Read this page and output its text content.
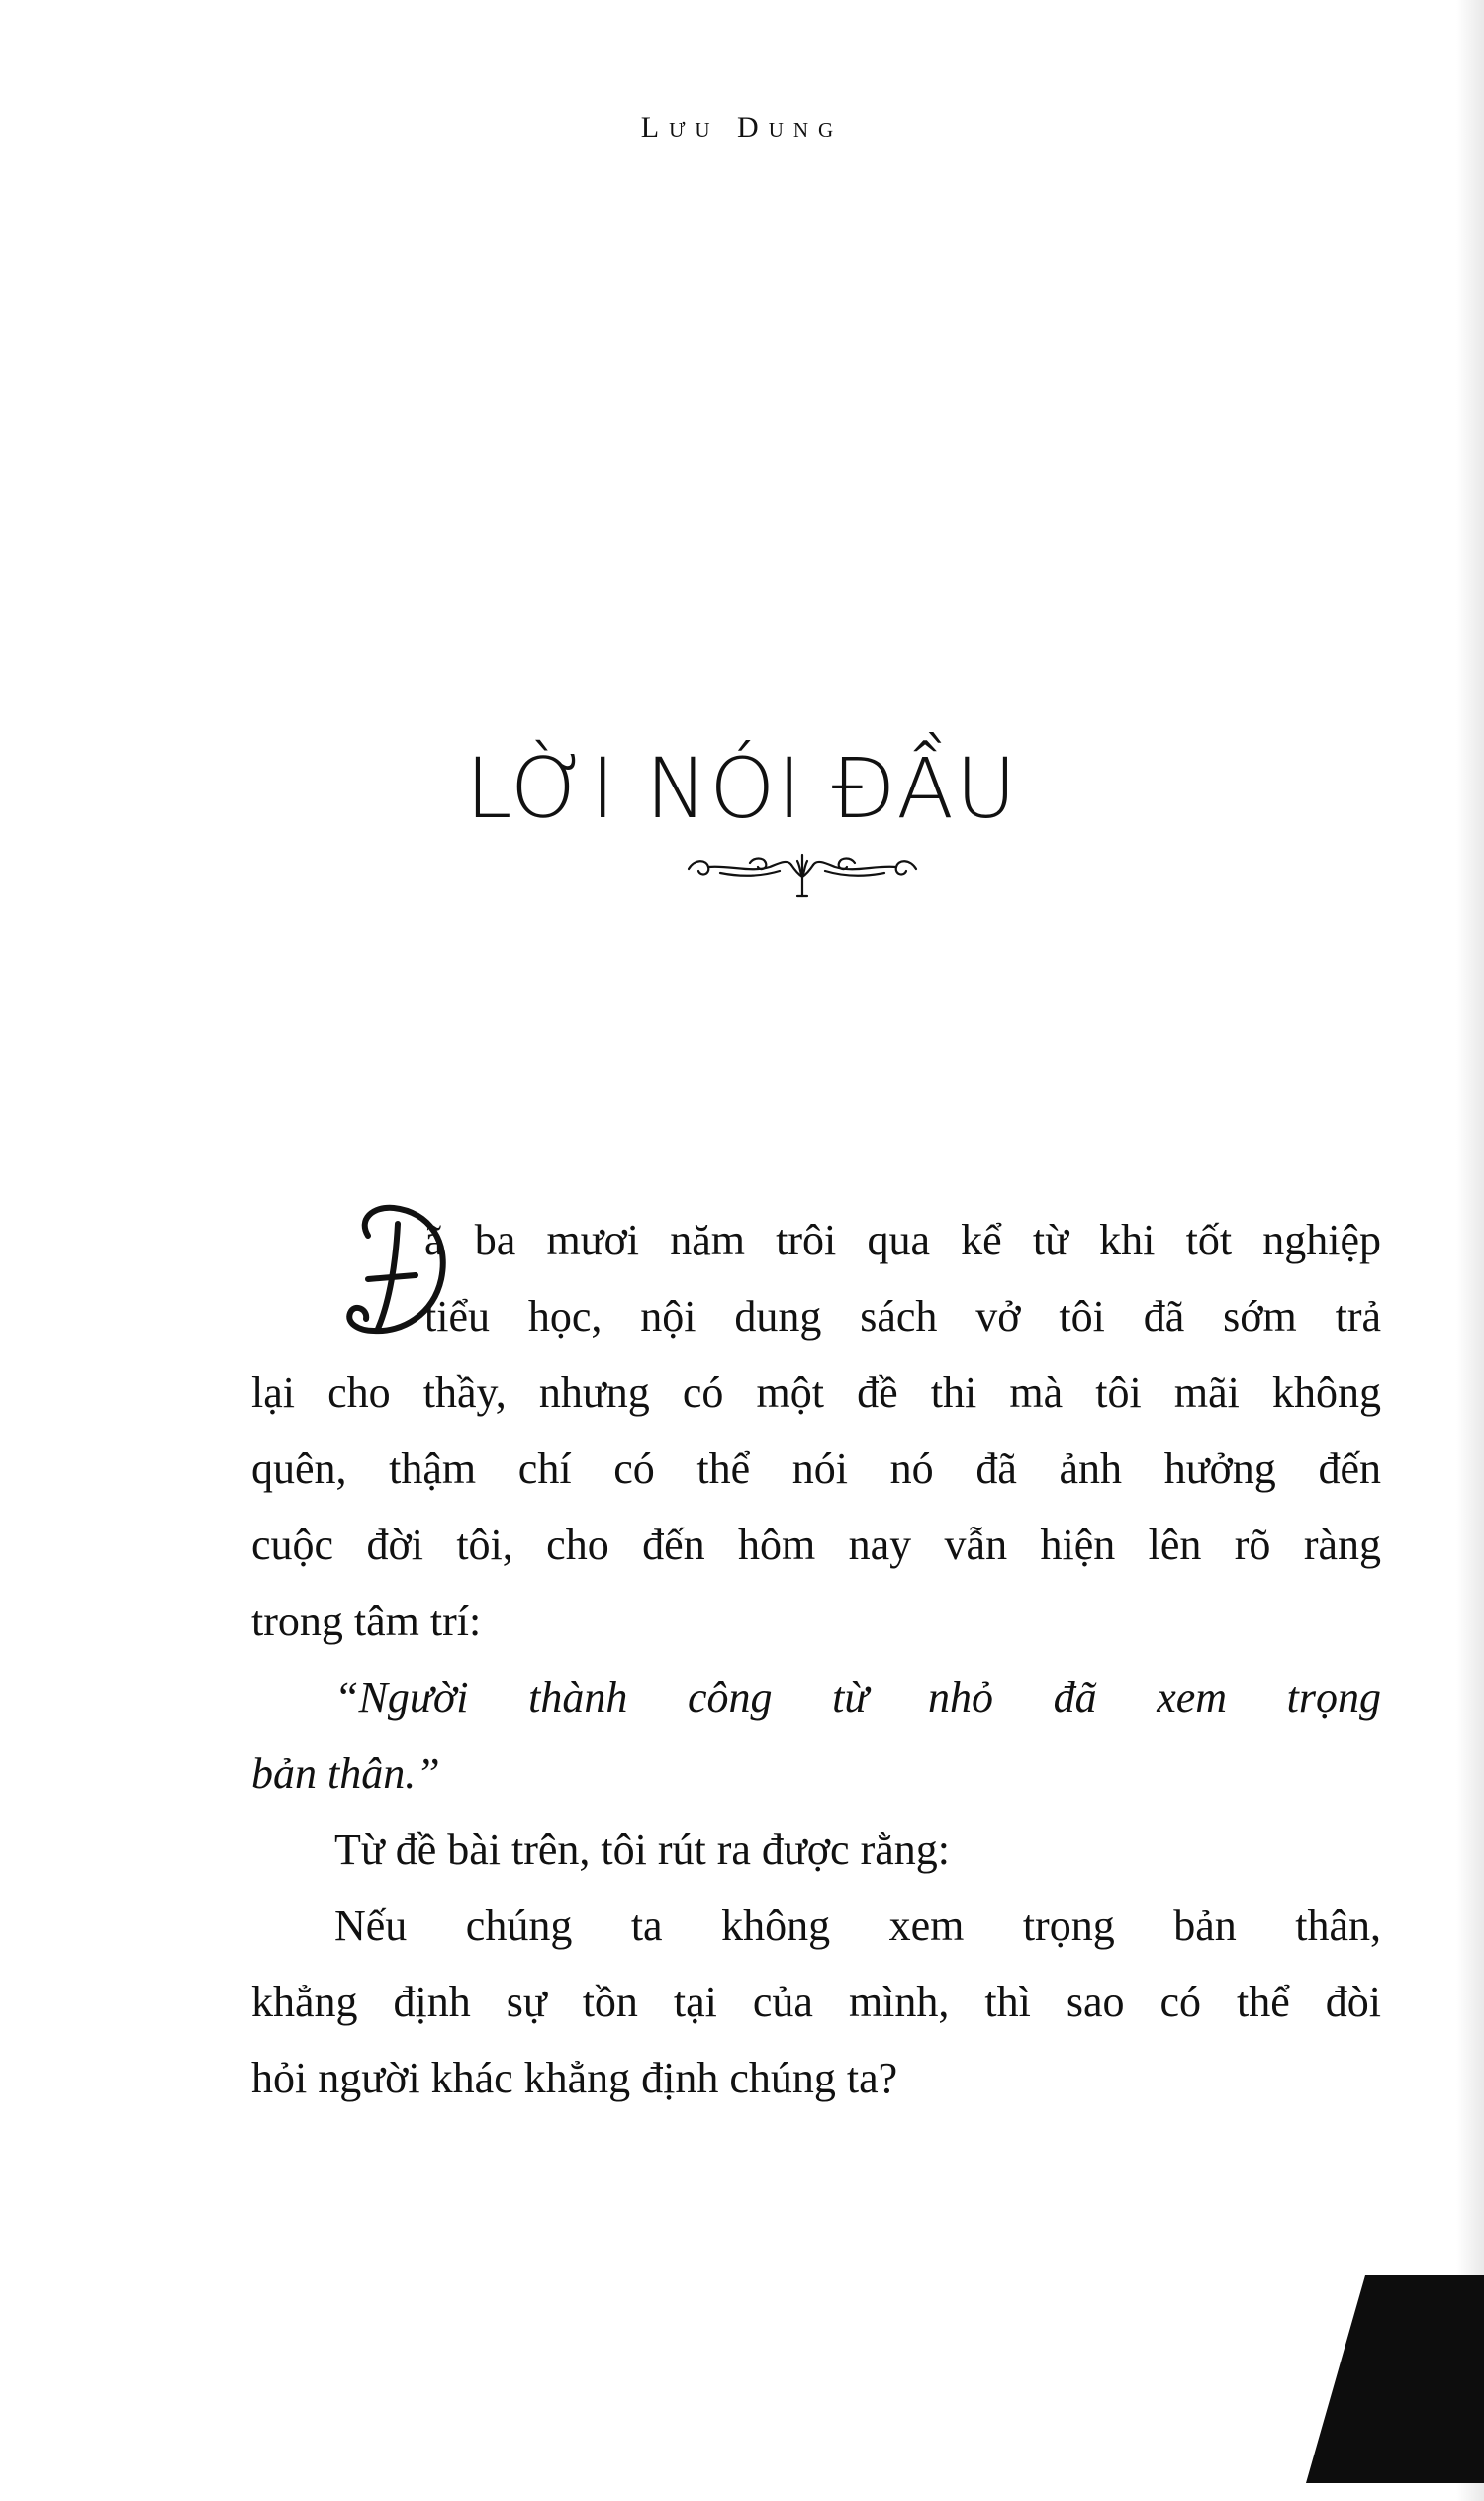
Lưu Dung
LỜI NÓI ĐẦU
ã ba mươi năm trôi qua kể từ khi tốt nghiệp
tiểu học, nội dung sách vở tôi đã sớm trả
lại cho thầy, nhưng có một đề thi mà tôi mãi không
quên, thậm chí có thể nói nó đã ảnh hưởng đến
cuộc đời tôi, cho đến hôm nay vẫn hiện lên rõ ràng
trong tâm trí:

“Người thành công từ nhỏ đã xem trọng
bản thân.”

Từ đề bài trên, tôi rút ra được rằng:

Nếu chúng ta không xem trọng bản thân,
khẳng định sự tồn tại của mình, thì sao có thể đòi
hỏi người khác khẳng định chúng ta?
